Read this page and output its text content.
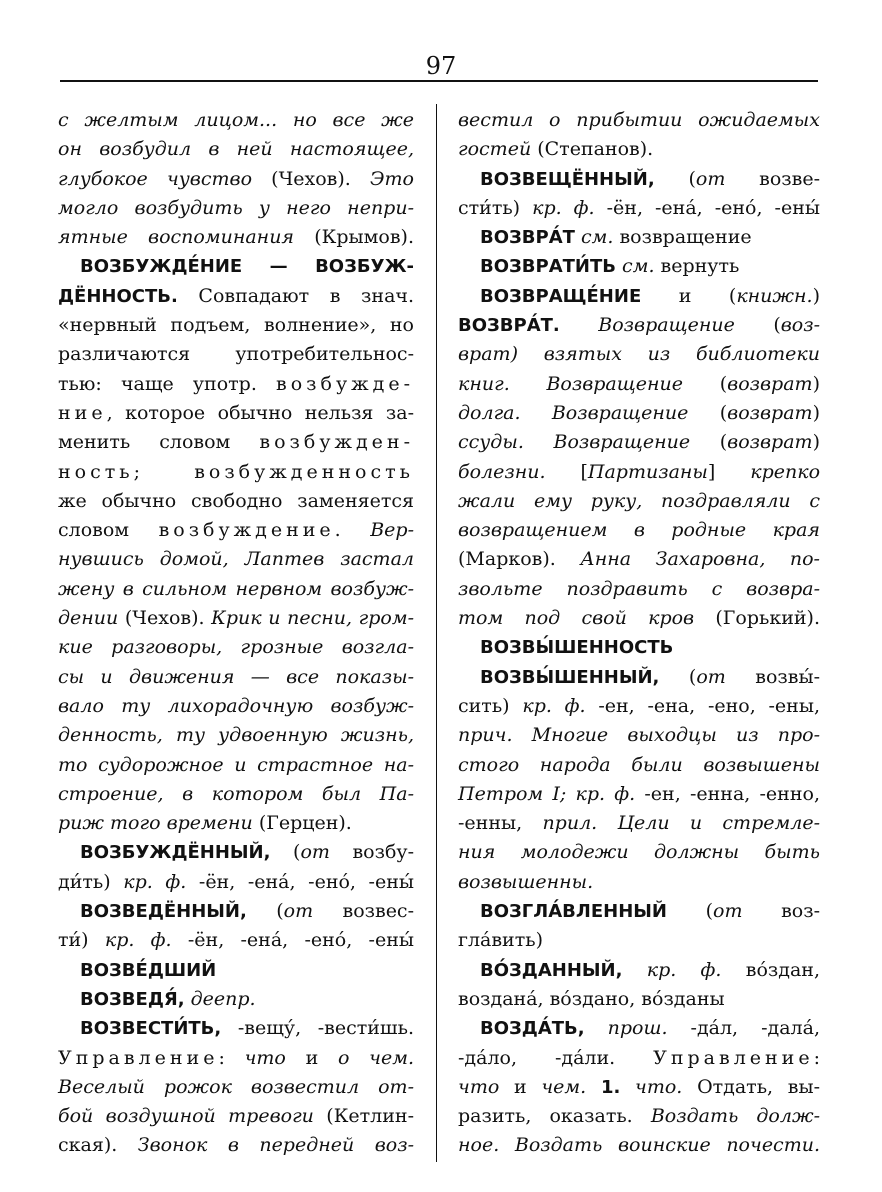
97
с желтым лицом... но все же
он возбудил в ней настоящее,
глубокое чувство (Чехов). Это
могло возбудить у него непри-
ятные воспоминания (Крымов).
ВОЗБУЖДЕ́НИЕ — ВОЗБУЖ-
ДЁННОСТЬ. Совпадают в знач.
«нервный подъем, волнение», но
различаются употребительнос-
тью: чаще употр. возбужде-
ние, которое обычно нельзя за-
менить словом возбужден-
ность; возбужденность
же обычно свободно заменяется
словом возбуждение. Вер-
нувшись домой, Лаптев застал
жену в сильном нервном возбуж-
дении (Чехов). Крик и песни, гром-
кие разговоры, грозные возгла-
сы и движения — все показы-
вало ту лихорадочную возбуж-
денность, ту удвоенную жизнь,
то судорожное и страстное на-
строение, в котором был Па-
риж того времени (Герцен).
ВОЗБУЖДЁННЫЙ, (от возбу-
ди́ть) кр. ф. -ён, -ена́, -ено́, -ены́
ВОЗВЕДЁННЫЙ, (от возвес-
ти́) кр. ф. -ён, -ена́, -ено́, -ены́
ВОЗВЕ́ДШИЙ
ВОЗВЕДЯ́, деепр.
ВОЗВЕСТИ́ТЬ, -вещу́, -вести́шь.
Управление: что и о чем.
Веселый рожок возвестил от-
бой воздушной тревоги (Кетлин-
ская). Звонок в передней воз-
вестил о прибытии ожидаемых
гостей (Степанов).
ВОЗВЕЩЁННЫЙ, (от возве-
сти́ть) кр. ф. -ён, -ена́, -ено́, -ены́
ВОЗВРА́Т см. возвращение
ВОЗВРАТИ́ТЬ см. вернуть
ВОЗВРАЩЕ́НИЕ и (книжн.)
ВОЗВРА́Т. Возвращение (воз-
врат) взятых из библиотеки
книг. Возвращение (возврат)
долга. Возвращение (возврат)
ссуды. Возвращение (возврат)
болезни. [Партизаны] крепко
жали ему руку, поздравляли с
возвращением в родные края
(Марков). Анна Захаровна, по-
звольте поздравить с возвра-
том под свой кров (Горький).
ВОЗВЫ́ШЕННОСТЬ
ВОЗВЫ́ШЕННЫЙ, (от возвы́-
сить) кр. ф. -ен, -ена, -ено, -ены,
прич. Многие выходцы из про-
стого народа были возвышены
Петром I; кр. ф. -ен, -енна, -енно,
-енны, прил. Цели и стремле-
ния молодежи должны быть
возвышенны.
ВОЗГЛА́ВЛЕННЫЙ (от воз-
гла́вить)
ВО́ЗДАННЫЙ, кр. ф. во́здан,
воздана́, во́здано, во́зданы
ВОЗДА́ТЬ, прош. -да́л, -дала́,
-да́ло, -да́ли. Управление:
что и чем. 1. что. Отдать, вы-
разить, оказать. Воздать долж-
ное. Воздать воинские почести.
